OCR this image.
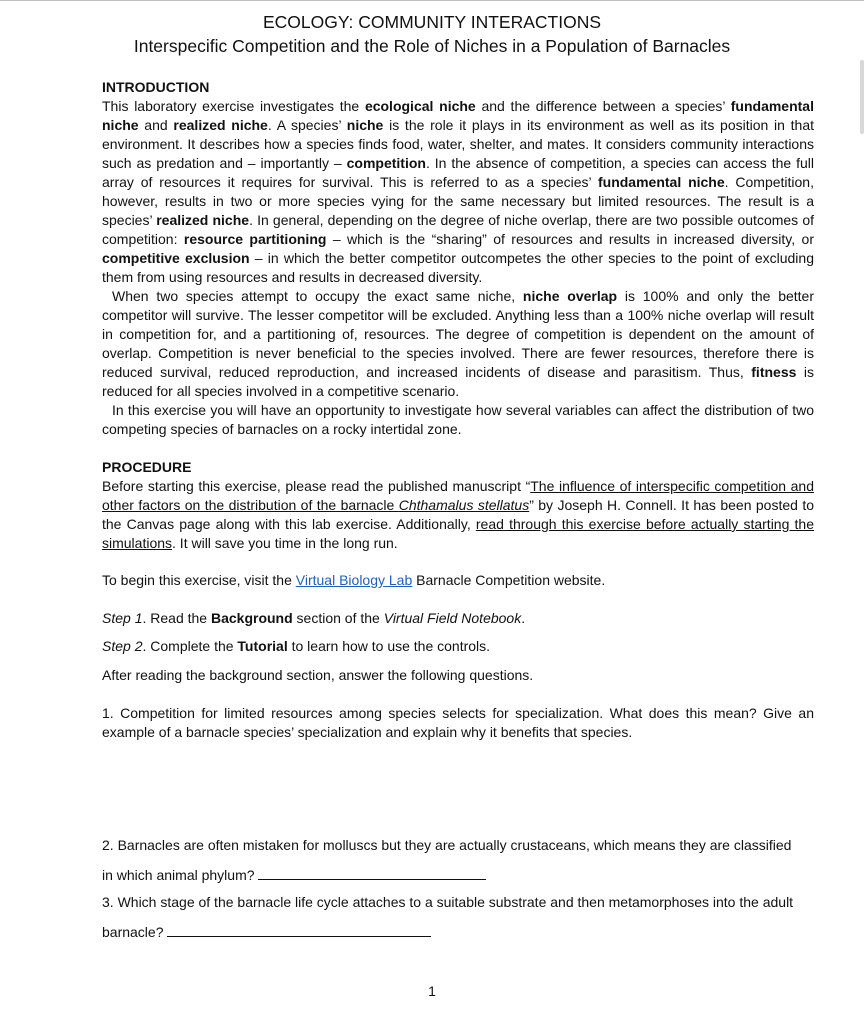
ECOLOGY: COMMUNITY INTERACTIONS
Interspecific Competition and the Role of Niches in a Population of Barnacles
INTRODUCTION

This laboratory exercise investigates the ecological niche and the difference between a species’ fundamental niche and realized niche. A species’ niche is the role it plays in its environment as well as its position in that environment. It describes how a species finds food, water, shelter, and mates. It considers community interactions such as predation and – importantly – competition. In the absence of competition, a species can access the full array of resources it requires for survival. This is referred to as a species’ fundamental niche. Competition, however, results in two or more species vying for the same necessary but limited resources. The result is a species’ realized niche. In general, depending on the degree of niche overlap, there are two possible outcomes of competition: resource partitioning – which is the “sharing” of resources and results in increased diversity, or competitive exclusion – in which the better competitor outcompetes the other species to the point of excluding them from using resources and results in decreased diversity.

When two species attempt to occupy the exact same niche, niche overlap is 100% and only the better competitor will survive. The lesser competitor will be excluded. Anything less than a 100% niche overlap will result in competition for, and a partitioning of, resources. The degree of competition is dependent on the amount of overlap. Competition is never beneficial to the species involved. There are fewer resources, therefore there is reduced survival, reduced reproduction, and increased incidents of disease and parasitism. Thus, fitness is reduced for all species involved in a competitive scenario.

In this exercise you will have an opportunity to investigate how several variables can affect the distribution of two competing species of barnacles on a rocky intertidal zone.

PROCEDURE

Before starting this exercise, please read the published manuscript “The influence of interspecific competition and other factors on the distribution of the barnacle Chthamalus stellatus” by Joseph H. Connell. It has been posted to the Canvas page along with this lab exercise. Additionally, read through this exercise before actually starting the simulations. It will save you time in the long run.

To begin this exercise, visit the Virtual Biology Lab Barnacle Competition website.
Step 1. Read the Background section of the Virtual Field Notebook.
Step 2. Complete the Tutorial to learn how to use the controls.
After reading the background section, answer the following questions.
1. Competition for limited resources among species selects for specialization. What does this mean? Give an example of a barnacle species’ specialization and explain why it benefits that species.
2. Barnacles are often mistaken for molluscs but they are actually crustaceans, which means they are classified
in which animal phylum?
3. Which stage of the barnacle life cycle attaches to a suitable substrate and then metamorphoses into the adult
barnacle?
1
